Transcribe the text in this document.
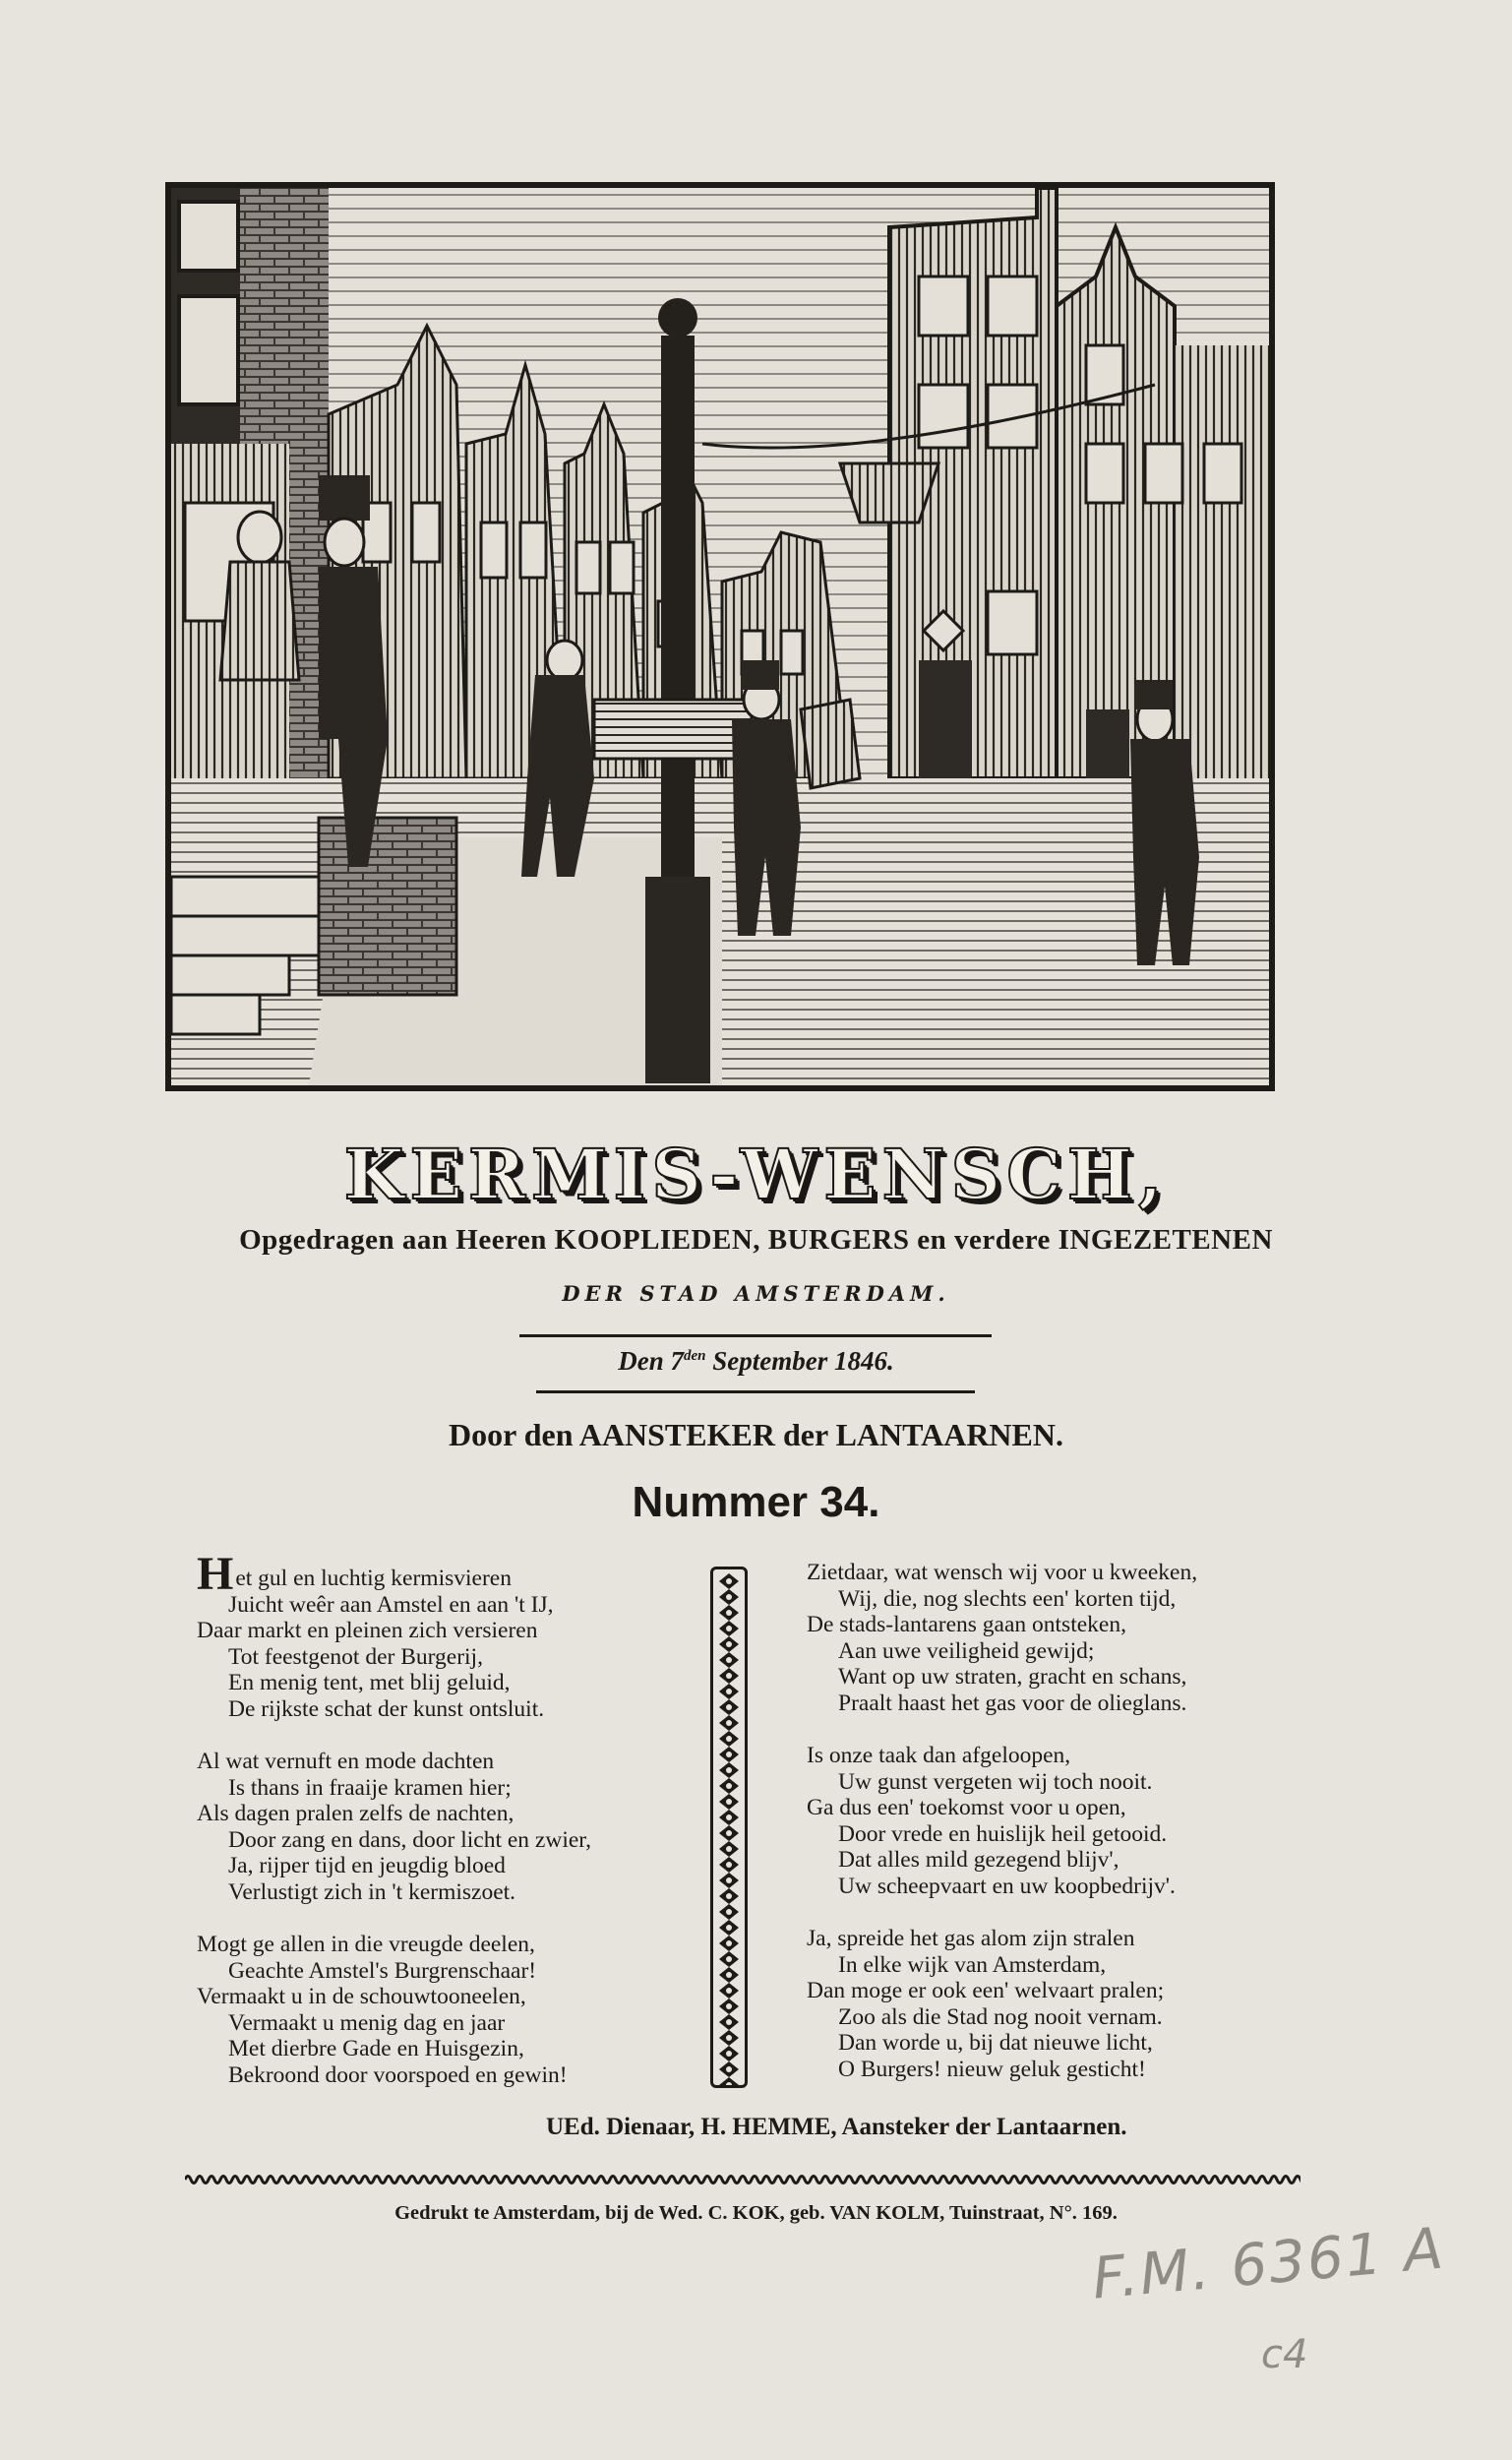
KERMIS-WENSCH,
Opgedragen aan Heeren KOOPLIEDEN, BURGERS en verdere INGEZETENEN
DER STAD AMSTERDAM.
Den $7^{den}$ September 1846.
Door den AANSTEKER der LANTAARNEN.
Nummer 34.
Het gul en luchtig kermisvieren
Juicht weêr aan Amstel en aan 't IJ,
Daar markt en pleinen zich versieren
Tot feestgenot der Burgerij,
En menig tent, met blij geluid,
De rijkste schat der kunst ontsluit.
Al wat vernuft en mode dachten
Is thans in fraaije kramen hier;
Als dagen pralen zelfs de nachten,
Door zang en dans, door licht en zwier,
Ja, rijper tijd en jeugdig bloed
Verlustigt zich in 't kermiszoet.
Mogt ge allen in die vreugde deelen,
Geachte Amstel's Burgrenschaar!
Vermaakt u in de schouwtooneelen,
Vermaakt u menig dag en jaar
Met dierbre Gade en Huisgezin,
Bekroond door voorspoed en gewin!
Zietdaar, wat wensch wij voor u kweeken,
Wij, die, nog slechts een' korten tijd,
De stads-lantarens gaan ontsteken,
Aan uwe veiligheid gewijd;
Want op uw straten, gracht en schans,
Praalt haast het gas voor de olieglans.
Is onze taak dan afgeloopen,
Uw gunst vergeten wij toch nooit.
Ga dus een' toekomst voor u open,
Door vrede en huislijk heil getooid.
Dat alles mild gezegend blijv',
Uw scheepvaart en uw koopbedrijv'.
Ja, spreide het gas alom zijn stralen
In elke wijk van Amsterdam,
Dan moge er ook een' welvaart pralen;
Zoo als die Stad nog nooit vernam.
Dan worde u, bij dat nieuwe licht,
O Burgers! nieuw geluk gesticht!
UEd. Dienaar, H. HEMME, Aansteker der Lantaarnen.
Gedrukt te Amsterdam, bij de Wed. C. KOK, geb. VAN KOLM, Tuinstraat, N°. 169.
F.M. 6361 A
c4
